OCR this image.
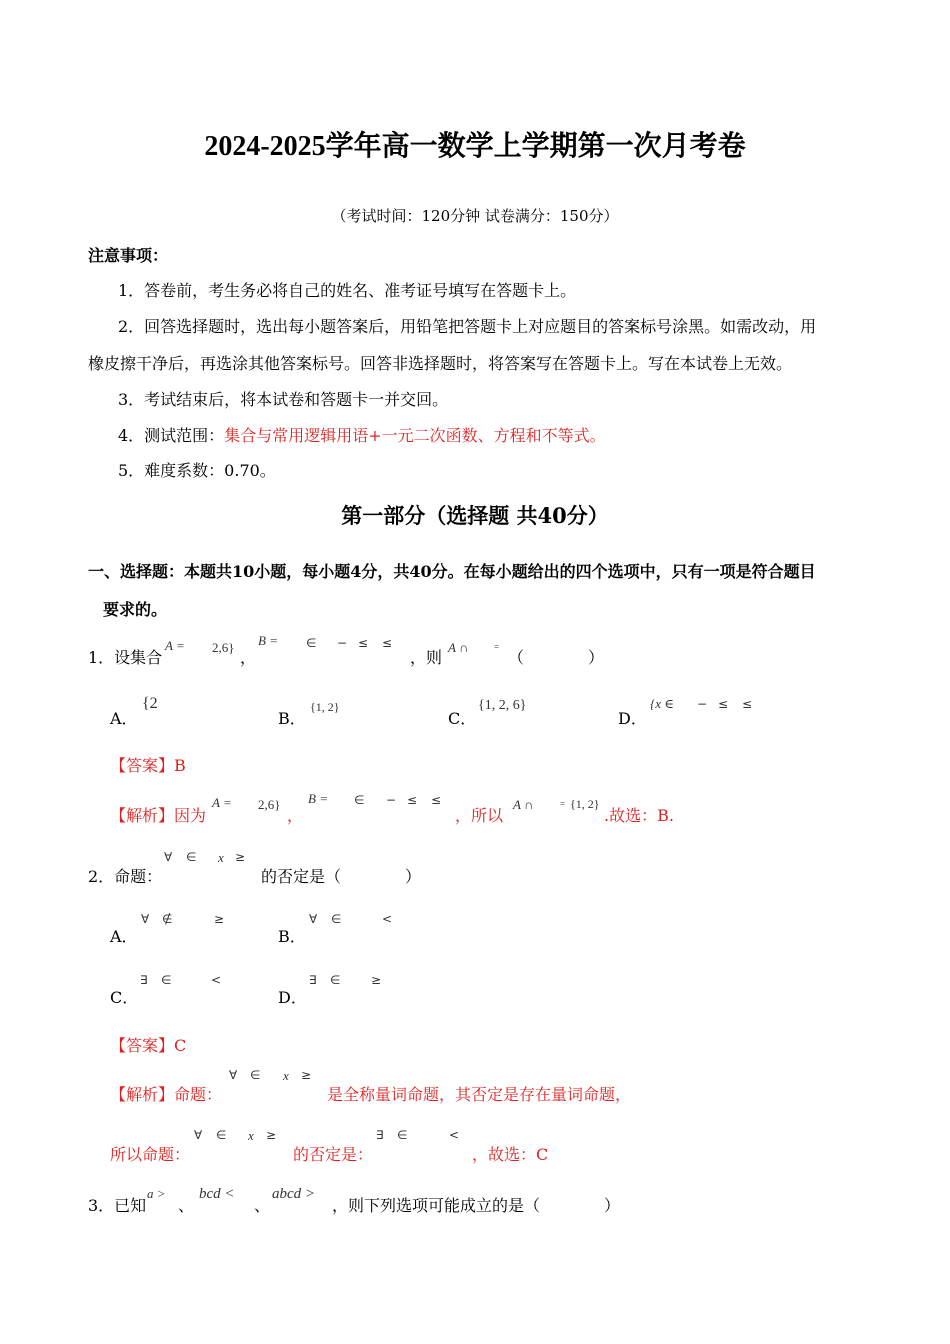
2024-2025学年高一数学上学期第一次月考卷
（考试时间：120分钟 试卷满分：150分）
注意事项：
1．答卷前，考生务必将自己的姓名、准考证号填写在答题卡上。
2．回答选择题时，选出每小题答案后，用铅笔把答题卡上对应题目的答案标号涂黑。如需改动，用
橡皮擦干净后，再选涂其他答案标号。回答非选择题时，将答案写在答题卡上。写在本试卷上无效。
3．考试结束后，将本试卷和答题卡一并交回。
4．测试范围：集合与常用逻辑用语+一元二次函数、方程和不等式。
5．难度系数：0.70。
第一部分（选择题 共40分）
一、选择题：本题共10小题，每小题4分，共40分。在每小题给出的四个选项中，只有一项是符合题目
要求的。
1．设集合
A = 2,6}
，
B = ∈ − ≤ ≤
，则
A ∩	=
（　　　　）
A．
{2
B．
{1, 2}
C．
{1, 2, 6}
D．
{x ∈ − ≤ ≤
【答案】B
【解析】因为
A = 2,6}
，
B = ∈ − ≤ ≤
，所以
A ∩	= {1, 2}
.故选：B.
2．命题：
∀ ∈ x ≥
的否定是（　　　　）
A．
∀ ∉	≥
B．
∀ ∈	<
C．
∃ ∈	<
D．
∃ ∈	≥
【答案】C
【解析】命题：
∀ ∈ x ≥
是全称量词命题，其否定是存在量词命题，
所以命题：
∀ ∈ x ≥
的否定是：
∃ ∈	<
，故选：C
3．已知
a >
、
bcd <
、
abcd >
，则下列选项可能成立的是（　　　　）
